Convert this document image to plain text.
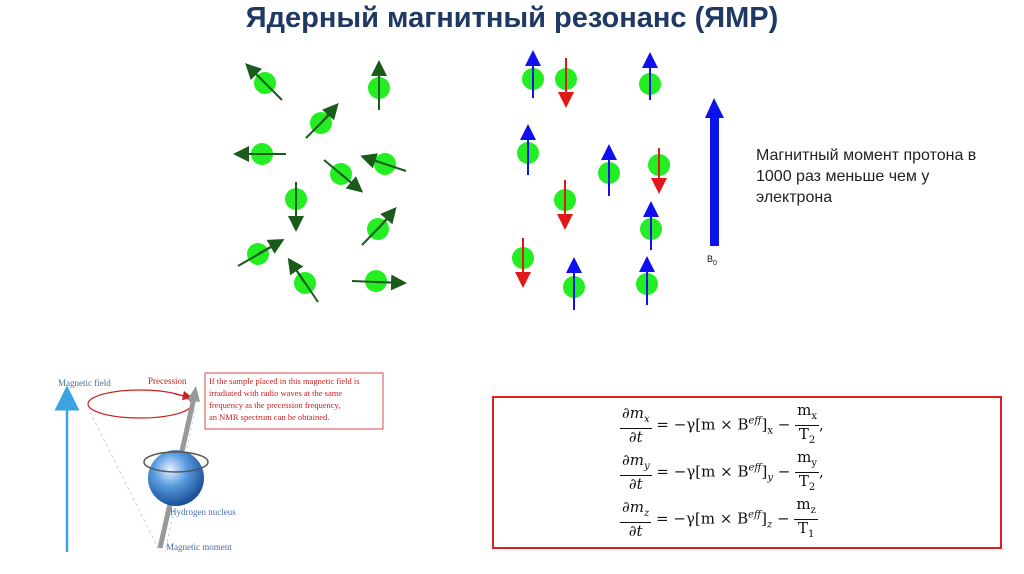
Ядерный магнитный резонанс (ЯМР)
Magnetic field	Precession	If the sample placed in this magnetic field is
irradiated with radio waves at the same
frequency as the precession frequency,
an NMR spectrum can be obtained.
Hydrogen nucleus
Magnetic moment
$B_0$
Магнитный момент протона в 1000 раз меньше чем у электрона
$\frac{\partial m_x}{\partial t} = -\gamma[m \times B^{eff}]_x - \frac{m_x}{T_2}$ ,
$\frac{\partial m_y}{\partial t} = -\gamma[m \times B^{eff}]_y - \frac{m_y}{T_2}$ ,
$\frac{\partial m_z}{\partial t} = -\gamma[m \times B^{eff}]_z - \frac{m_z}{T_1}$
